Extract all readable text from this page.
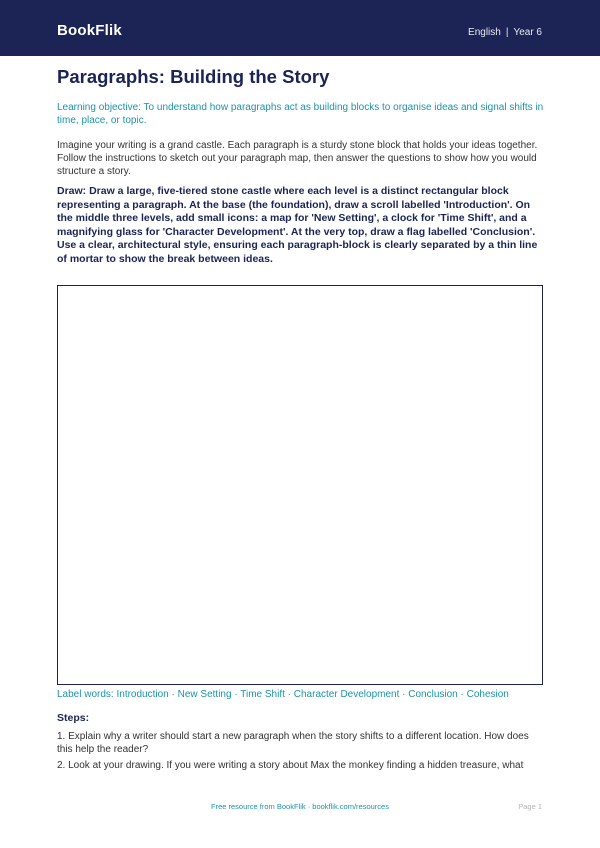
BookFlik	English | Year 6
Paragraphs: Building the Story

Learning objective: To understand how paragraphs act as building blocks to organise ideas and signal shifts in time, place, or topic.

Imagine your writing is a grand castle. Each paragraph is a sturdy stone block that holds your ideas together. Follow the instructions to sketch out your paragraph map, then answer the questions to show how you would structure a story.

Draw: Draw a large, five-tiered stone castle where each level is a distinct rectangular block representing a paragraph. At the base (the foundation), draw a scroll labelled 'Introduction'. On the middle three levels, add small icons: a map for 'New Setting', a clock for 'Time Shift', and a magnifying glass for 'Character Development'. At the very top, draw a flag labelled 'Conclusion'. Use a clear, architectural style, ensuring each paragraph-block is clearly separated by a thin line of mortar to show the break between ideas.

Label words: Introduction · New Setting · Time Shift · Character Development · Conclusion · Cohesion

Steps:

1. Explain why a writer should start a new paragraph when the story shifts to a different location. How does this help the reader?
2. Look at your drawing. If you were writing a story about Max the monkey finding a hidden treasure, what
Free resource from BookFlik · bookflik.com/resources	Page 1
